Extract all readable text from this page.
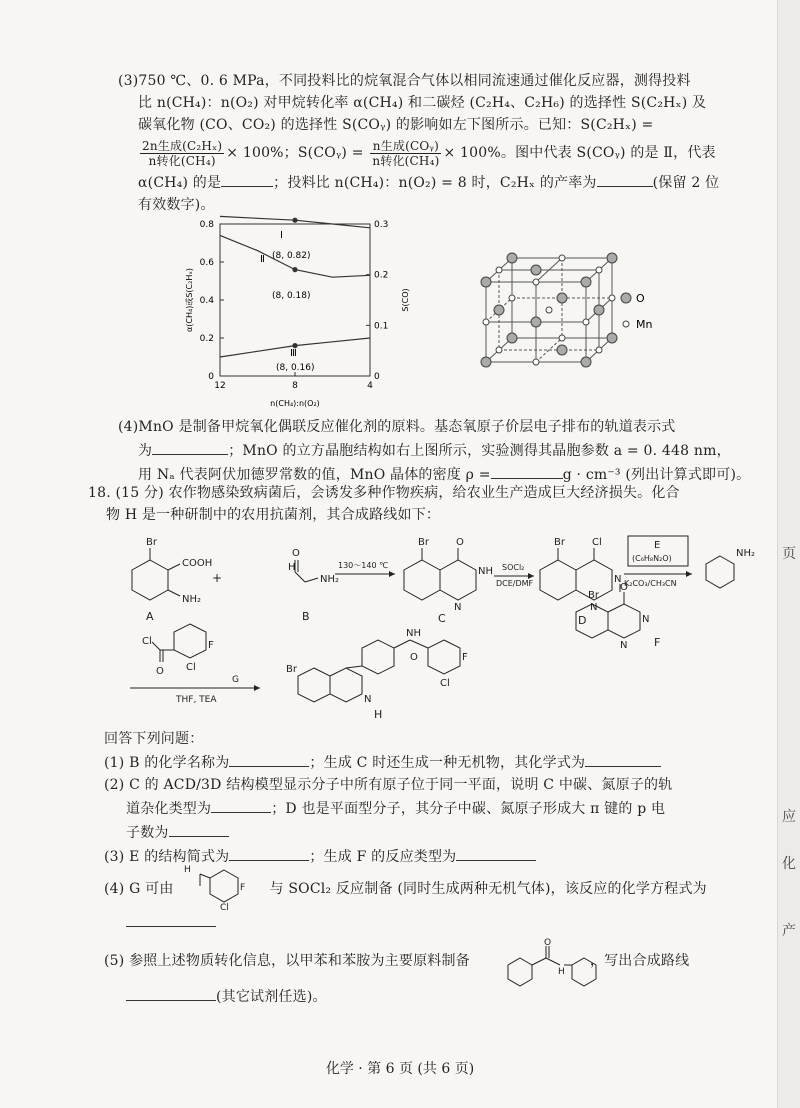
页
应
化
产

(3)750 ℃、0. 6 MPa，不同投料比的烷氧混合气体以相同流速通过催化反应器，测得投料

比 n(CH₄)：n(O₂) 对甲烷转化率 α(CH₄) 和二碳烃 (C₂H₄、C₂H₆) 的选择性 S(C₂Hₓ) 及

碳氧化物 (CO、CO₂) 的选择性 S(COᵧ) 的影响如左下图所示。已知：S(C₂Hₓ) =

$\frac{\text{2n生成(C₂Hₓ)}}{\text{n转化(CH₄)}} \times 100\%$；S(COᵧ) = $\frac{\text{n生成(COᵧ)}}{\text{n转化(CH₄)}} \times 100\%$。图中代表 S(COᵧ) 的是 Ⅱ，代表

α(CH₄) 的是	；投料比 n(CH₄)：n(O₂) = 8 时，C₂Hₓ 的产率为	(保留 2 位

有效数字)。

0
0.2
0.4
0.6
0.8
0
0.1
0.2
0.3
12	8	4
n(CH₄):n(O₂)
α(CH₄)或S(C₂Hₓ)	S(CO)
Ⅰ
(8, 0.82)
Ⅱ
(8, 0.18)
Ⅲ
(8, 0.16)
O
Mn

(4)MnO 是制备甲烷氧化偶联反应催化剂的原料。基态氧原子价层电子排布的轨道表示式

为	；MnO 的立方晶胞结构如右上图所示，实验测得其晶胞参数 a = 0. 448 nm，

用 Nₐ 代表阿伏加德罗常数的值，MnO 晶体的密度 ρ =	g · cm⁻³ (列出计算式即可)。

18. (15 分) 农作物感染致病菌后，会诱发多种作物疾病，给农业生产造成巨大经济损失。化合

物 H 是一种研制中的农用抗菌剂，其合成路线如下：

Br
COOH
NH₂
A
+
O
H
NH₂
B
130～140 ℃
Br	O
NH
N
C
SOCl₂
DCE/DMF
Br	Cl
N
N
D
E
(C₆H₈N₂O)
K₂CO₃/CH₃CN
NH₂
Br
O
N
N F
Cl
O
F
Cl
G
THF, TEA
Br
NH
F
Cl
O
N
H

回答下列问题：

(1) B 的化学名称为	；生成 C 时还生成一种无机物，其化学式为

(2) C 的 ACD/3D 结构模型显示分子中所有原子位于同一平面，说明 C 中碳、氮原子的轨

道杂化类型为	；D 也是平面型分子，其分子中碳、氮原子形成大 π 键的 p 电

子数为

(3) E 的结构简式为	；生成 F 的反应类型为

(4) G 可由	与 SOCl₂ 反应制备 (同时生成两种无机气体)，该反应的化学方程式为

H
F
Cl

(5) 参照上述物质转化信息，以甲苯和苯胺为主要原料制备	，写出合成路线

(其它试剂任选)。

O
H
化学 · 第 6 页 (共 6 页)
